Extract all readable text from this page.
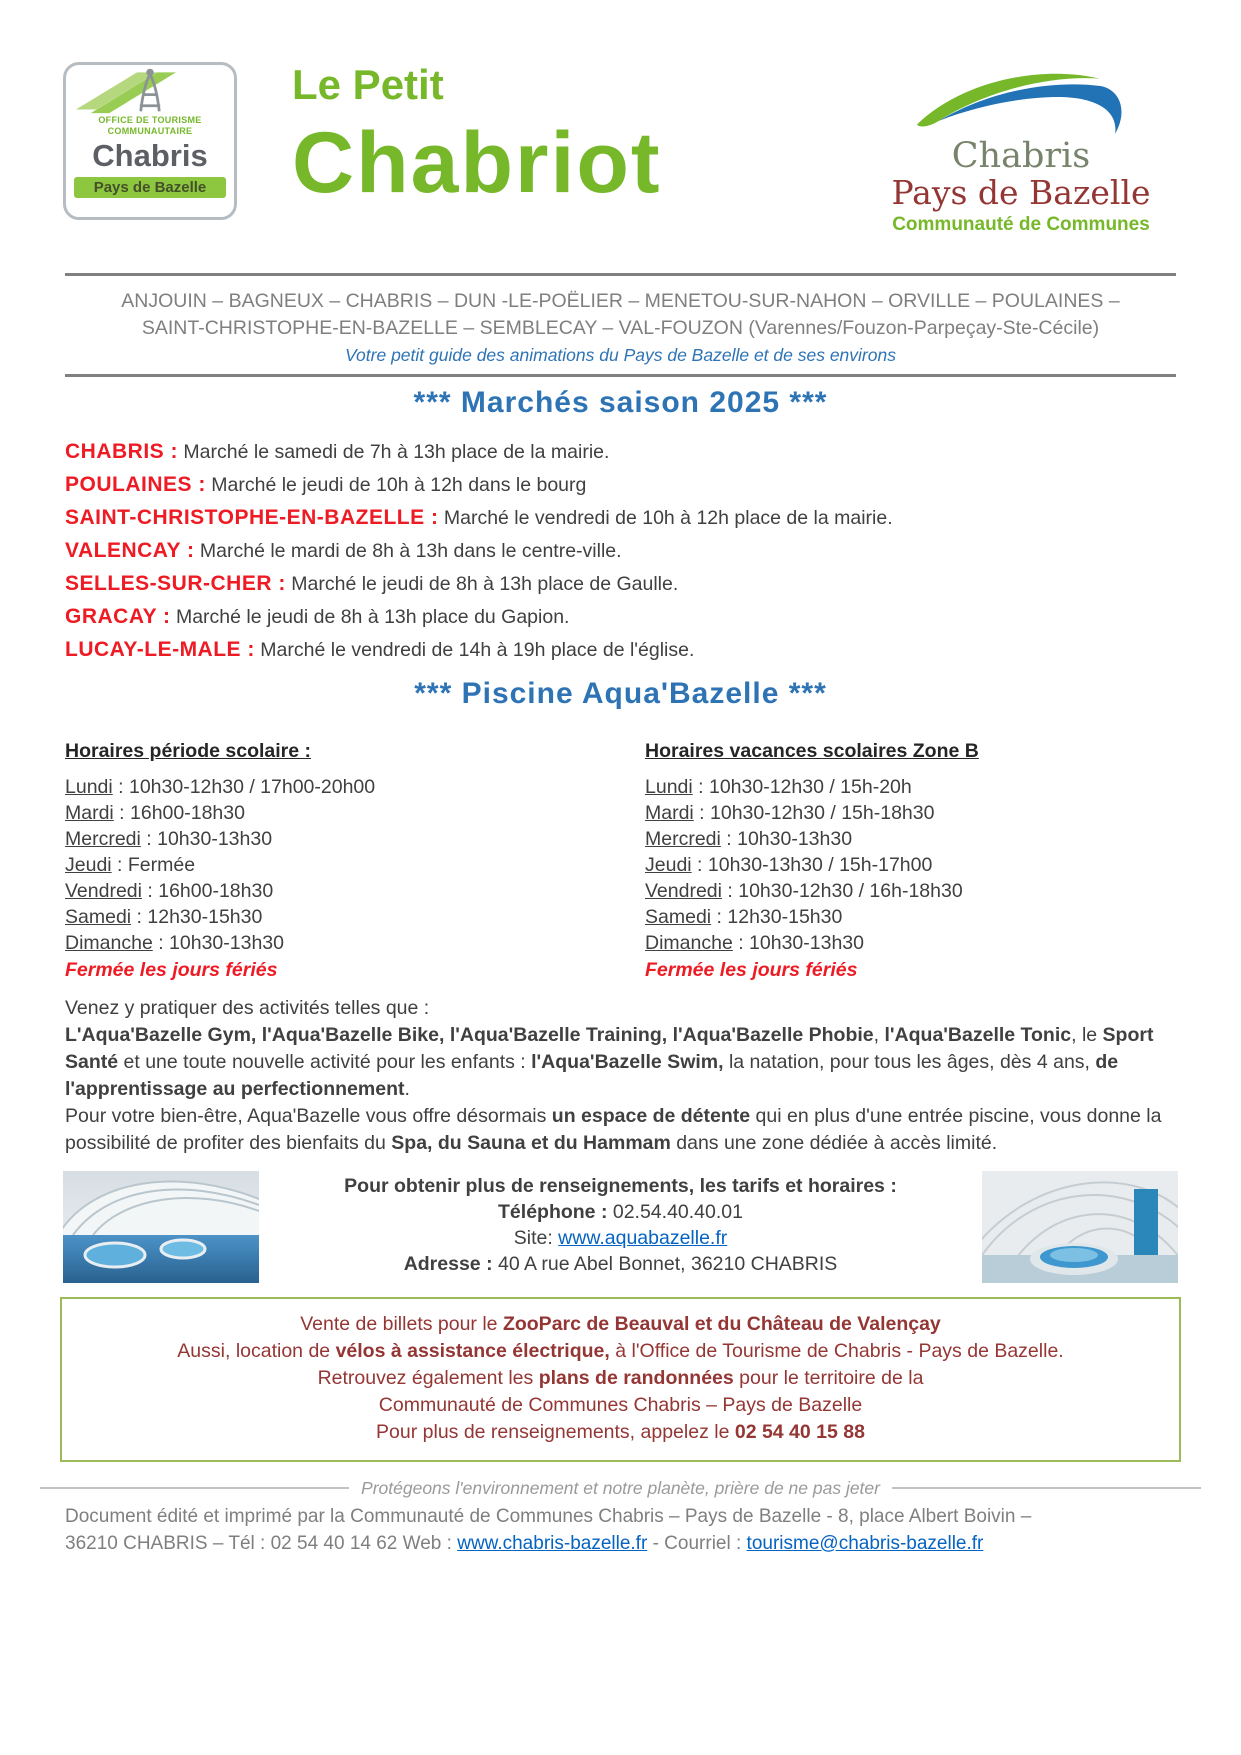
OFFICE DE TOURISME
COMMUNAUTAIRE
Chabris
Pays de Bazelle
Le Petit
Chabriot	Chabris
Pays de Bazelle
Communauté de Communes
ANJOUIN – BAGNEUX – CHABRIS – DUN -LE-POËLIER – MENETOU-SUR-NAHON – ORVILLE – POULAINES –
SAINT-CHRISTOPHE-EN-BAZELLE – SEMBLECAY – VAL-FOUZON (Varennes/Fouzon-Parpeçay-Ste-Cécile)
Votre petit guide des animations du Pays de Bazelle et de ses environs
*** Marchés saison 2025 ***
CHABRIS : Marché le samedi de 7h à 13h place de la mairie.
POULAINES : Marché le jeudi de 10h à 12h dans le bourg
SAINT-CHRISTOPHE-EN-BAZELLE : Marché le vendredi de 10h à 12h place de la mairie.
VALENCAY : Marché le mardi de 8h à 13h dans le centre-ville.
SELLES-SUR-CHER : Marché le jeudi de 8h à 13h place de Gaulle.
GRACAY : Marché le jeudi de 8h à 13h place du Gapion.
LUCAY-LE-MALE : Marché le vendredi de 14h à 19h place de l'église.
*** Piscine Aqua'Bazelle ***
Horaires période scolaire :
Lundi : 10h30-12h30 / 17h00-20h00
Mardi : 16h00-18h30
Mercredi : 10h30-13h30
Jeudi : Fermée
Vendredi : 16h00-18h30
Samedi : 12h30-15h30
Dimanche : 10h30-13h30
Fermée les jours fériés
Horaires vacances scolaires Zone B
Lundi : 10h30-12h30 / 15h-20h
Mardi : 10h30-12h30 / 15h-18h30
Mercredi : 10h30-13h30
Jeudi : 10h30-13h30 / 15h-17h00
Vendredi : 10h30-12h30 / 16h-18h30
Samedi : 12h30-15h30
Dimanche : 10h30-13h30
Fermée les jours fériés
Venez y pratiquer des activités telles que :

L'Aqua'Bazelle Gym, l'Aqua'Bazelle Bike, l'Aqua'Bazelle Training, l'Aqua'Bazelle Phobie, l'Aqua'Bazelle Tonic, le Sport Santé et une toute nouvelle activité pour les enfants : l'Aqua'Bazelle Swim, la natation, pour tous les âges, dès 4 ans, de l'apprentissage au perfectionnement.

Pour votre bien-être, Aqua'Bazelle vous offre désormais un espace de détente qui en plus d'une entrée piscine, vous donne la possibilité de profiter des bienfaits du Spa, du Sauna et du Hammam dans une zone dédiée à accès limité.

Pour obtenir plus de renseignements, les tarifs et horaires :
Téléphone : 02.54.40.40.01
Site: www.aquabazelle.fr
Adresse : 40 A rue Abel Bonnet, 36210 CHABRIS
Vente de billets pour le ZooParc de Beauval et du Château de Valençay
Aussi, location de vélos à assistance électrique, à l'Office de Tourisme de Chabris - Pays de Bazelle.
Retrouvez également les plans de randonnées pour le territoire de la
Communauté de Communes Chabris – Pays de Bazelle
Pour plus de renseignements, appelez le 02 54 40 15 88
Protégeons l'environnement et notre planète, prière de ne pas jeter
Document édité et imprimé par la Communauté de Communes Chabris – Pays de Bazelle - 8, place Albert Boivin –
36210 CHABRIS – Tél : 02 54 40 14 62 Web : www.chabris-bazelle.fr - Courriel : tourisme@chabris-bazelle.fr
